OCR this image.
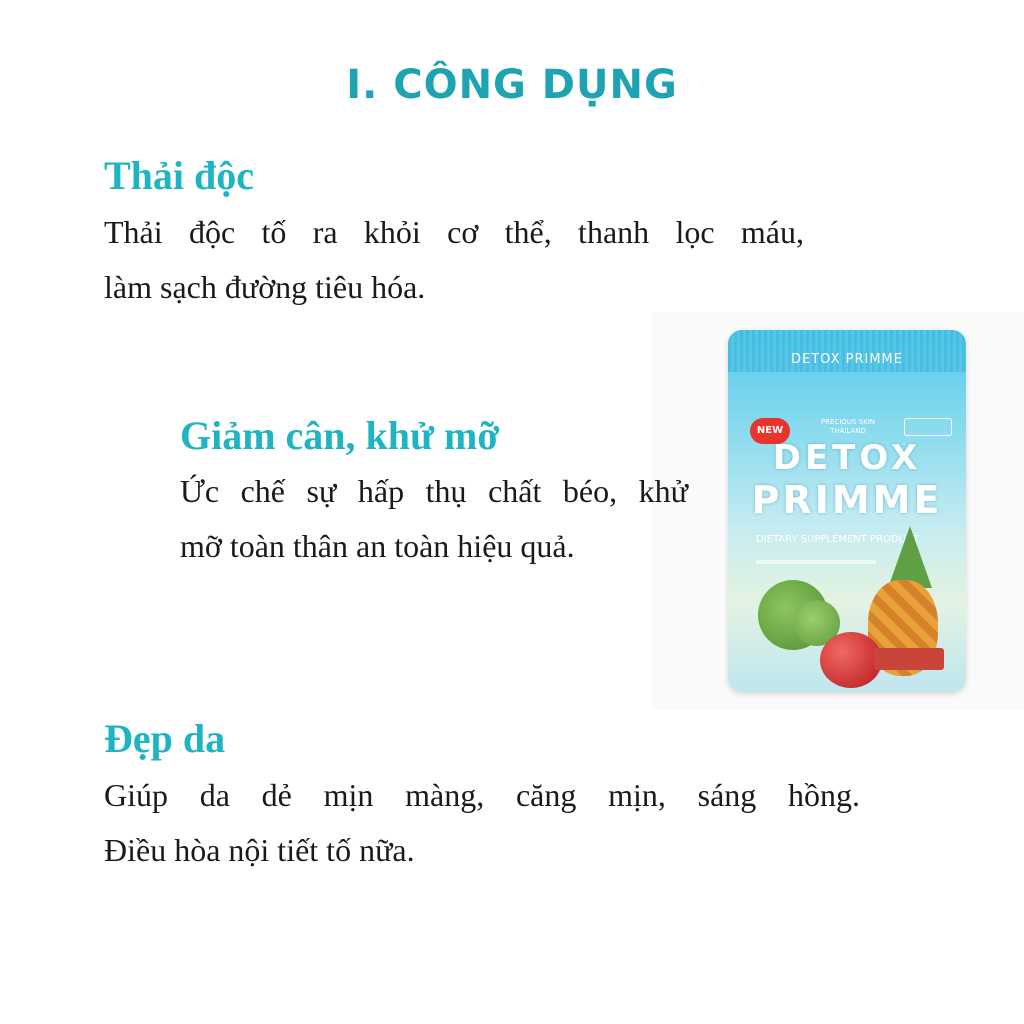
I. CÔNG DỤNG
Thải độc
Thải độc tố ra khỏi cơ thể, thanh lọc máu,
làm sạch đường tiêu hóa.
DETOX PRIMME
NEW
PRECIOUS SKIN THAILAND
DETOX
PRIMME
DIETARY SUPPLEMENT PRODUCT
Giảm cân, khử mỡ
Ức chế sự hấp thụ chất béo, khử
mỡ toàn thân an toàn hiệu quả.
Đẹp da
Giúp da dẻ mịn màng, căng mịn, sáng hồng.
Điều hòa nội tiết tố nữa.
